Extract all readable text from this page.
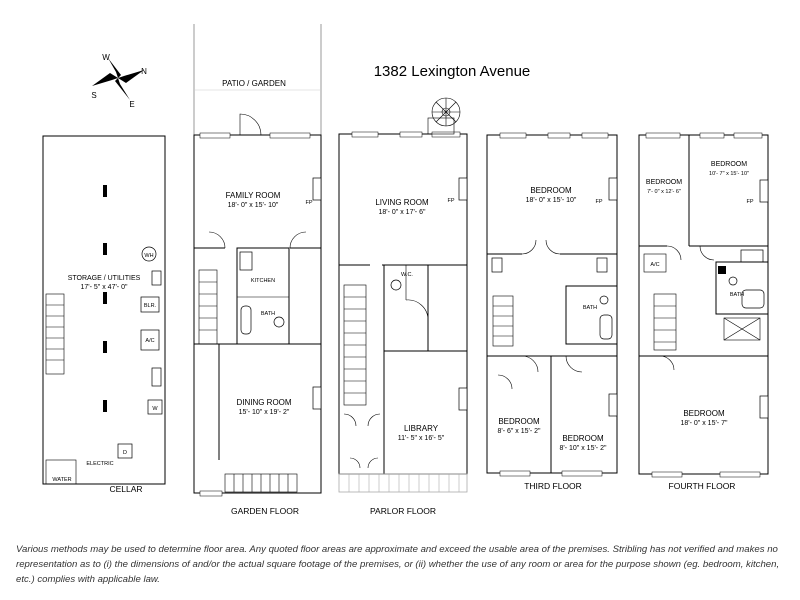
W
N
S
E
1382 Lexington Avenue
PATIO / GARDEN
WH
BLR.
A/C
W
D
STORAGE / UTILITIES
17'- 5" x 47'- 0"
ELECTRIC
WATER
CELLAR
FAMILY ROOM
18'- 0" x 15'- 10"
KITCHEN
BATH
DINING ROOM
15'- 10" x 19'- 2"
FP
GARDEN FLOOR
LIVING ROOM
18'- 0" x 17'- 6"
W.C.
LIBRARY
11'- 5" x 16'- 5"
FP
PARLOR FLOOR
BEDROOM
18'- 0" x 15'- 10"
BATH
BEDROOM
8'- 6" x 15'- 2"
BEDROOM
8'- 10" x 15'- 2"
FP
THIRD FLOOR
BEDROOM
7'- 0" x 12'- 6"
BEDROOM
10'- 7" x 15'- 10"
A/C
BATH
BEDROOM
18'- 0" x 15'- 7"
FP
FOURTH FLOOR

Various methods may be used to determine floor area. Any quoted floor areas are approximate and exceed the usable area of the premises. Stribling has not verified and makes no representation as to (i) the dimensions of and/or the actual square footage of the premises, or (ii) whether the use of any room or area for the purpose shown (eg. bedroom, kitchen, etc.) complies with applicable law.
